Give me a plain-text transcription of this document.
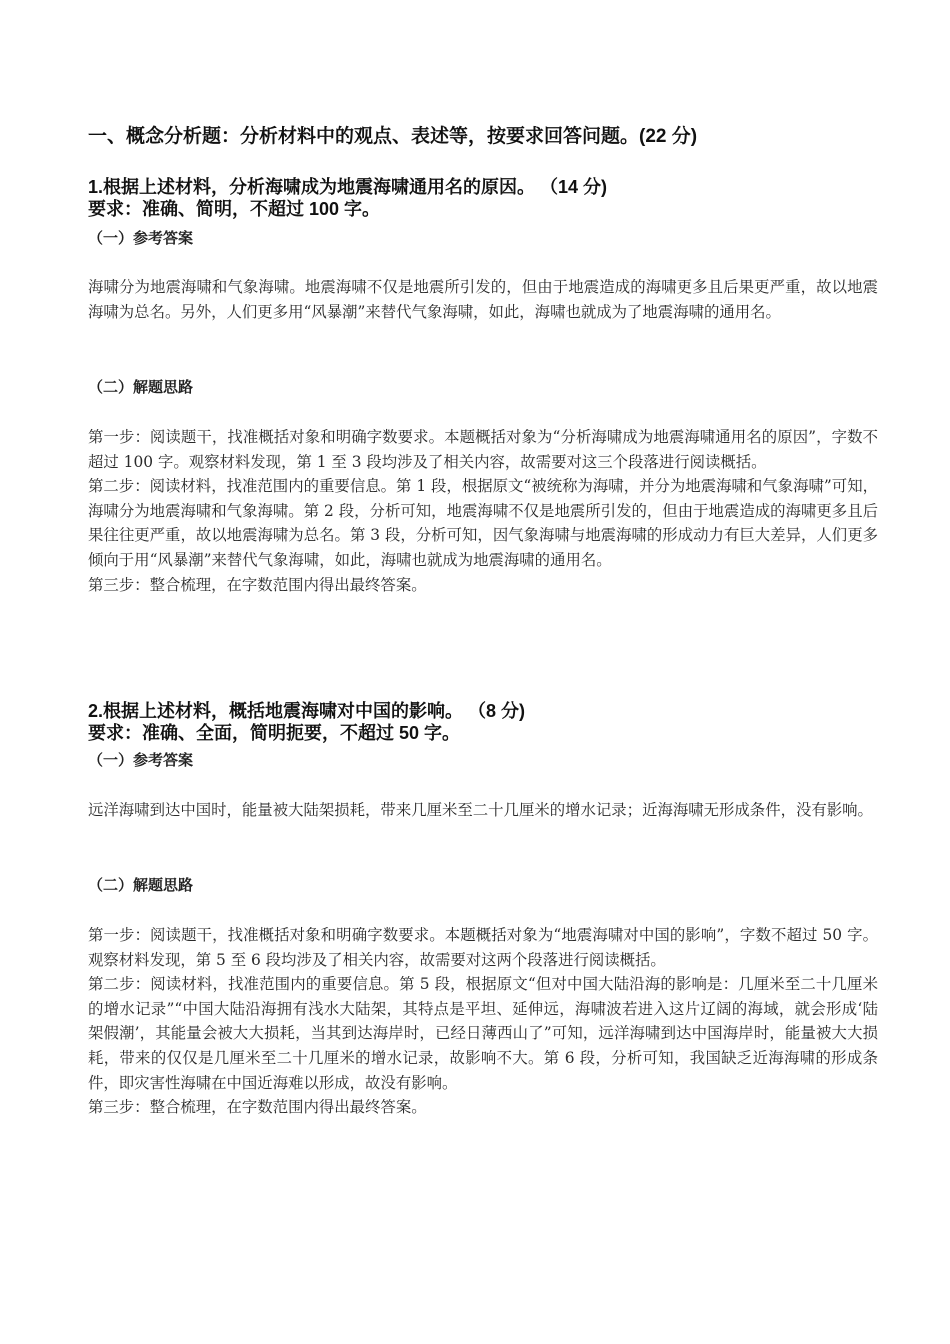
一、概念分析题：分析材料中的观点、表述等，按要求回答问题。(22 分)
1.根据上述材料，分析海啸成为地震海啸通用名的原因。 （14 分)
要求：准确、简明，不超过 100 字。
（一）参考答案

海啸分为地震海啸和气象海啸。地震海啸不仅是地震所引发的，但由于地震造成的海啸更多且后果更严重，故以地震海啸为总名。另外，人们更多用“风暴潮”来替代气象海啸，如此，海啸也就成为了地震海啸的通用名。

（二）解题思路

第一步：阅读题干，找准概括对象和明确字数要求。本题概括对象为“分析海啸成为地震海啸通用名的原因”，字数不超过 100 字。观察材料发现，第 1 至 3 段均涉及了相关内容，故需要对这三个段落进行阅读概括。

第二步：阅读材料，找准范围内的重要信息。第 1 段，根据原文“被统称为海啸，并分为地震海啸和气象海啸”可知，海啸分为地震海啸和气象海啸。第 2 段，分析可知，地震海啸不仅是地震所引发的，但由于地震造成的海啸更多且后果往往更严重，故以地震海啸为总名。第 3 段，分析可知，因气象海啸与地震海啸的形成动力有巨大差异，人们更多倾向于用“风暴潮”来替代气象海啸，如此，海啸也就成为地震海啸的通用名。

第三步：整合梳理，在字数范围内得出最终答案。

2.根据上述材料，概括地震海啸对中国的影响。 （8 分)
要求：准确、全面，简明扼要，不超过 50 字。
（一）参考答案

远洋海啸到达中国时，能量被大陆架损耗，带来几厘米至二十几厘米的增水记录；近海海啸无形成条件，没有影响。

（二）解题思路

第一步：阅读题干，找准概括对象和明确字数要求。本题概括对象为“地震海啸对中国的影响”，字数不超过 50 字。观察材料发现，第 5 至 6 段均涉及了相关内容，故需要对这两个段落进行阅读概括。

第二步：阅读材料，找准范围内的重要信息。第 5 段，根据原文“但对中国大陆沿海的影响是：几厘米至二十几厘米的增水记录”“中国大陆沿海拥有浅水大陆架，其特点是平坦、延伸远，海啸波若进入这片辽阔的海域，就会形成‘陆架假潮’，其能量会被大大损耗，当其到达海岸时，已经日薄西山了”可知，远洋海啸到达中国海岸时，能量被大大损耗，带来的仅仅是几厘米至二十几厘米的增水记录，故影响不大。第 6 段，分析可知，我国缺乏近海海啸的形成条件，即灾害性海啸在中国近海难以形成，故没有影响。

第三步：整合梳理，在字数范围内得出最终答案。
